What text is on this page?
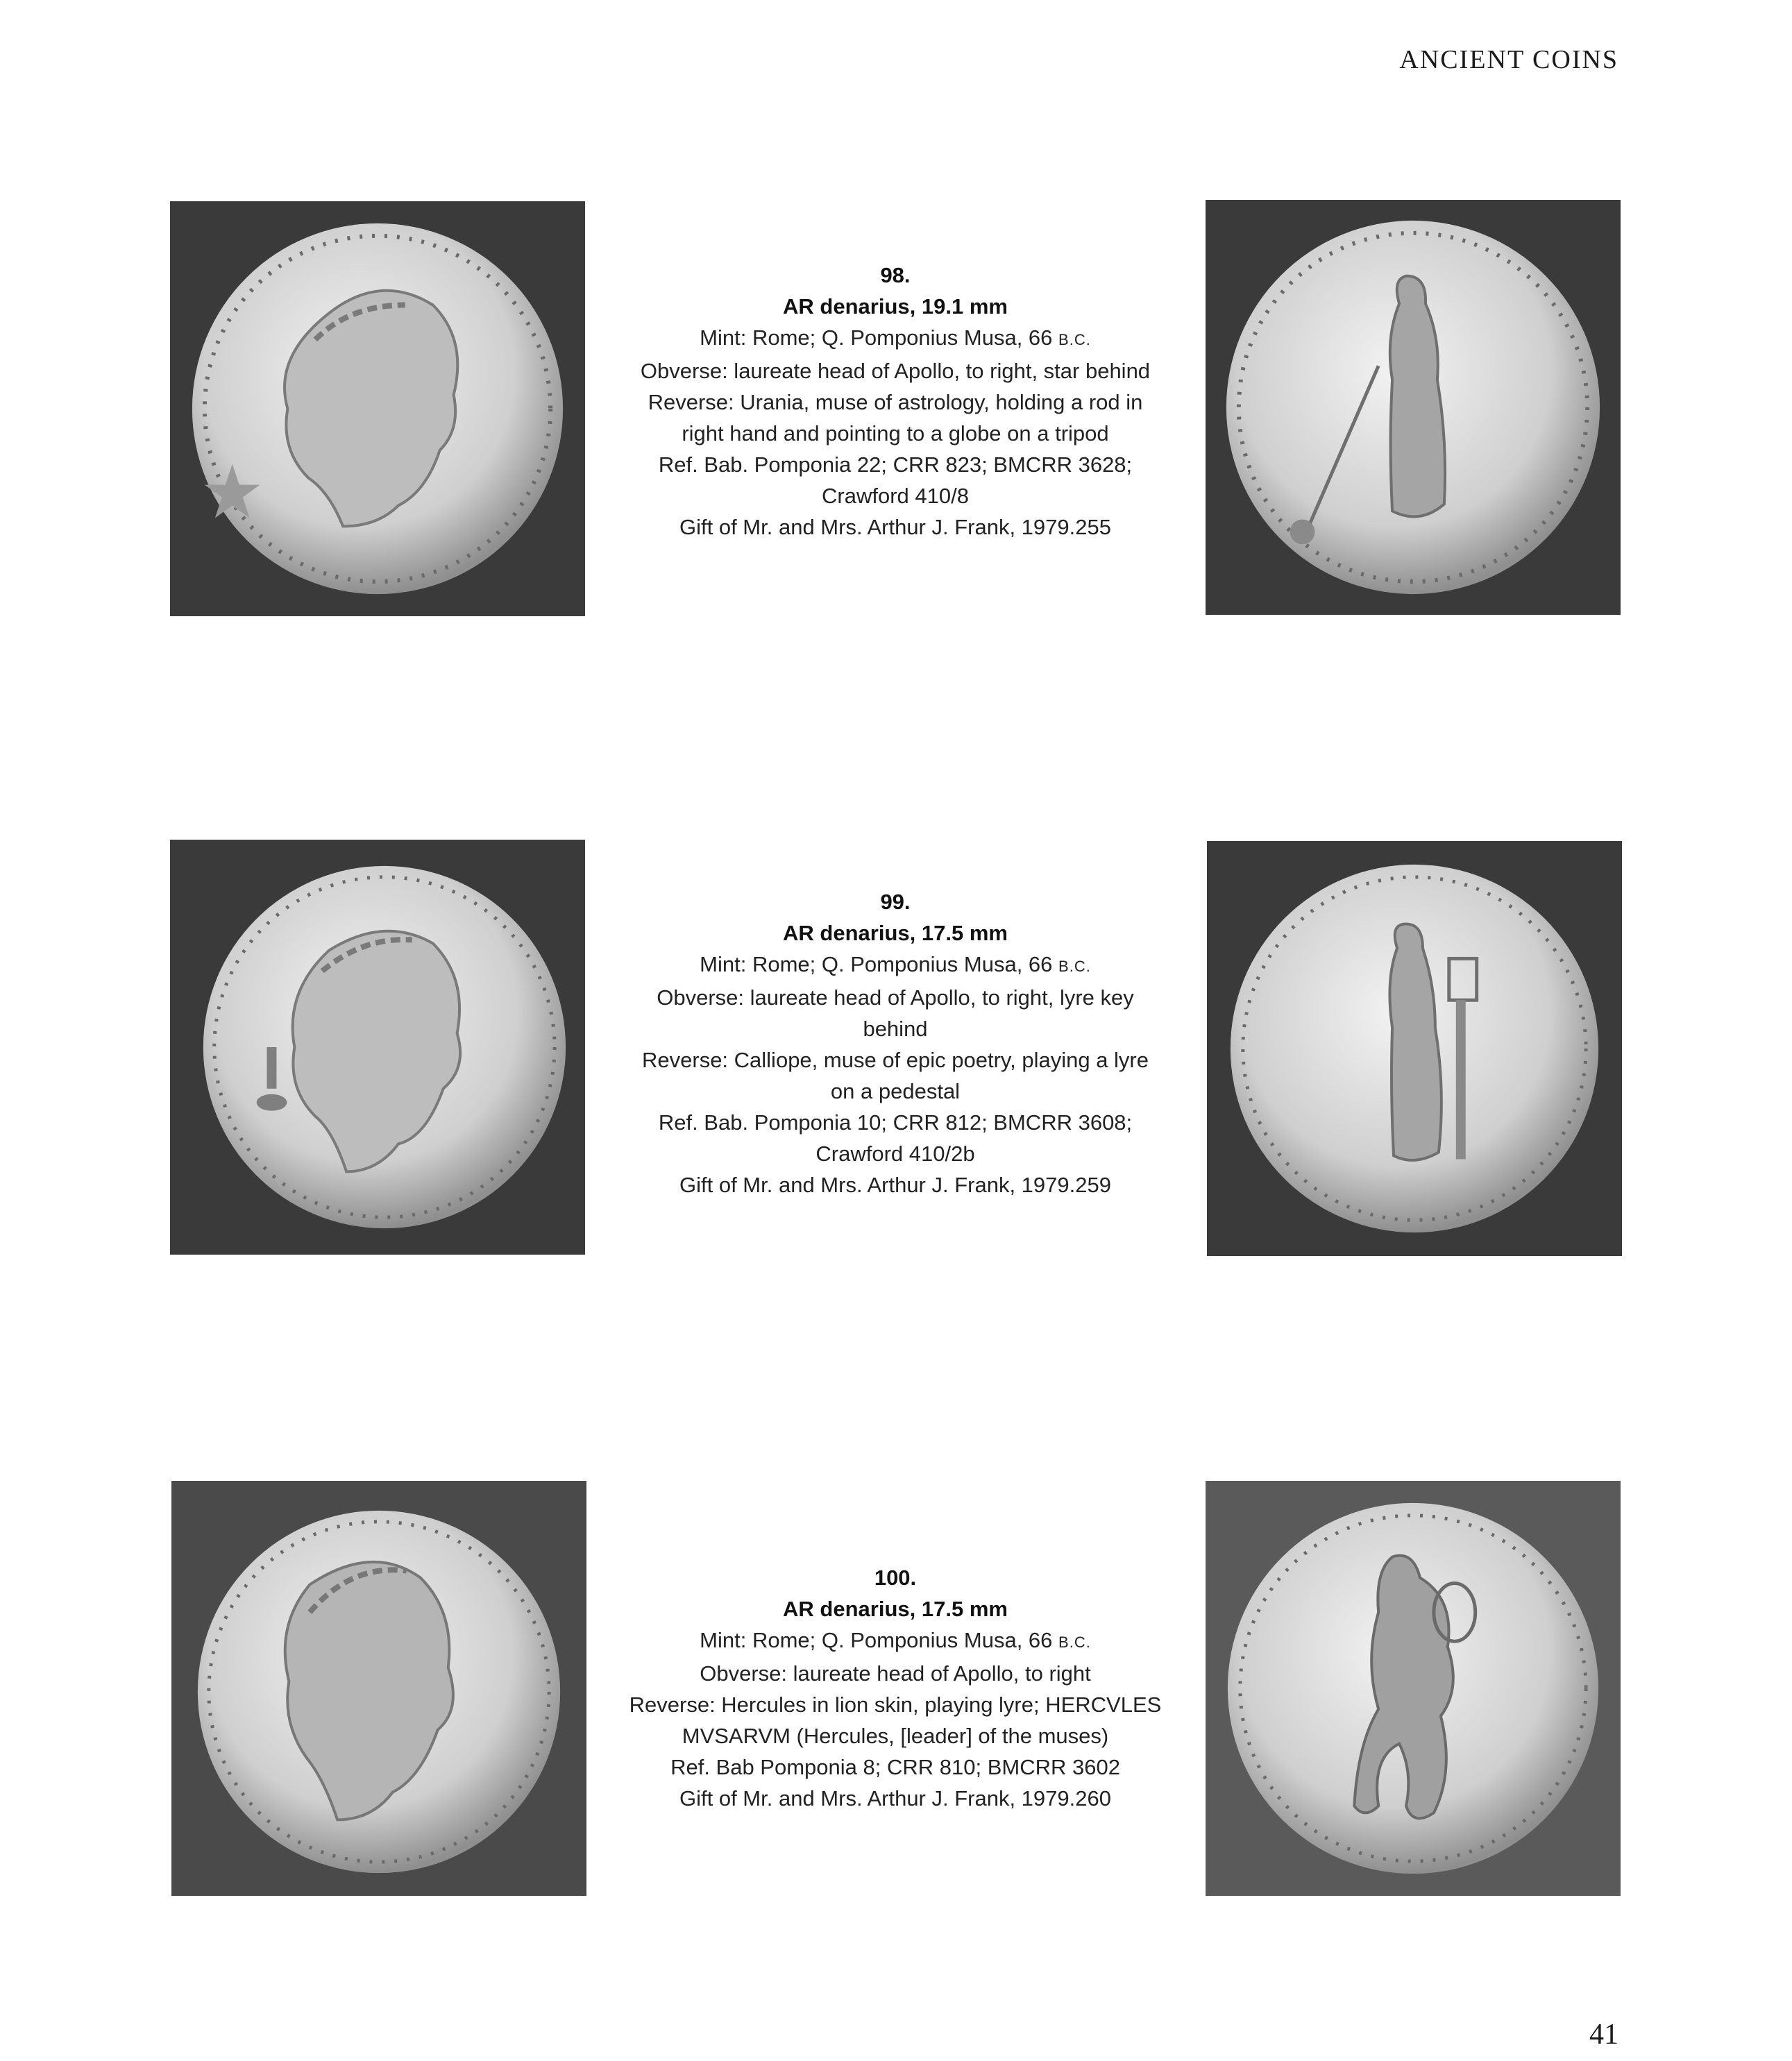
ANCIENT COINS
98.
AR denarius, 19.1 mm
Mint: Rome; Q. Pomponius Musa, 66 B.C.
Obverse: laureate head of Apollo, to right, star behind
Reverse: Urania, muse of astrology, holding a rod in
right hand and pointing to a globe on a tripod
Ref. Bab. Pomponia 22; CRR 823; BMCRR 3628;
Crawford 410/8
Gift of Mr. and Mrs. Arthur J. Frank, 1979.255
99.
AR denarius, 17.5 mm
Mint: Rome; Q. Pomponius Musa, 66 B.C.
Obverse: laureate head of Apollo, to right, lyre key
behind
Reverse: Calliope, muse of epic poetry, playing a lyre
on a pedestal
Ref. Bab. Pomponia 10; CRR 812; BMCRR 3608;
Crawford 410/2b
Gift of Mr. and Mrs. Arthur J. Frank, 1979.259
100.
AR denarius, 17.5 mm
Mint: Rome; Q. Pomponius Musa, 66 B.C.
Obverse: laureate head of Apollo, to right
Reverse: Hercules in lion skin, playing lyre; HERCVLES
MVSARVM (Hercules, [leader] of the muses)
Ref. Bab Pomponia 8; CRR 810; BMCRR 3602
Gift of Mr. and Mrs. Arthur J. Frank, 1979.260
41
